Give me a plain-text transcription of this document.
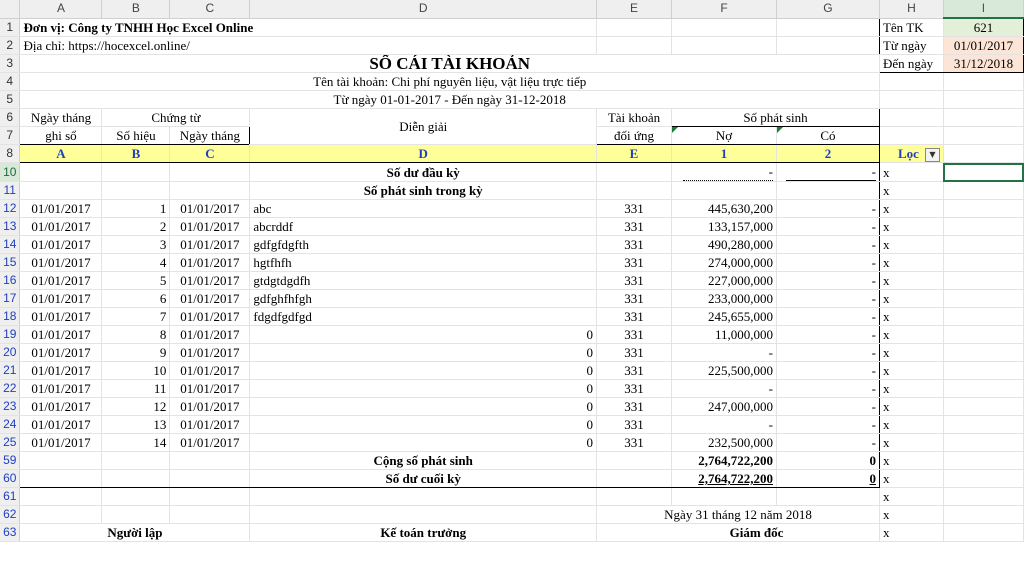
	A	B	C	D	E	F	G	H	I
1	Đơn vị: Công ty TNHH Học Excel Online							Tên TK	621
2	Địa chỉ: https://hocexcel.online/							Từ ngày	01/01/2017
3	SỔ CÁI TÀI KHOẢN							Đến ngày	31/12/2018
4	Tên tài khoản: Chi phí nguyên liệu, vật liệu trực tiếp								
5	Từ ngày 01-01-2017 - Đến ngày 31-12-2018								
6	Ngày tháng	Chứng từ		Diễn giải	Tài khoản	Số phát sinh			
7	ghi sổ	Số hiệu	Ngày tháng		đối ứng	Nợ	Có		
8	A	B	C	D	E	1	2	Lọc ▼	
10				Số dư đầu kỳ		-	-	x	
11				Số phát sinh trong kỳ				x	
12	01/01/2017	1	01/01/2017	abc	331	445,630,200	-	x	
13	01/01/2017	2	01/01/2017	abcrddf	331	133,157,000	-	x	
14	01/01/2017	3	01/01/2017	gdfgfdgfth	331	490,280,000	-	x	
15	01/01/2017	4	01/01/2017	hgtfhfh	331	274,000,000	-	x	
16	01/01/2017	5	01/01/2017	gtdgtdgdfh	331	227,000,000	-	x	
17	01/01/2017	6	01/01/2017	gdfghfhfgh	331	233,000,000	-	x	
18	01/01/2017	7	01/01/2017	fdgdfgdfgd	331	245,655,000	-	x	
19	01/01/2017	8	01/01/2017	0	331	11,000,000	-	x	
20	01/01/2017	9	01/01/2017	0	331	-	-	x	
21	01/01/2017	10	01/01/2017	0	331	225,500,000	-	x	
22	01/01/2017	11	01/01/2017	0	331	-	-	x	
23	01/01/2017	12	01/01/2017	0	331	247,000,000	-	x	
24	01/01/2017	13	01/01/2017	0	331	-	-	x	
25	01/01/2017	14	01/01/2017	0	331	232,500,000	-	x	
59				Cộng số phát sinh		2,764,722,200	0	x	
60				Số dư cuối kỳ		2,764,722,200	0	x	
61								x	
62					Ngày 31 tháng 12 năm 2018			x	
63	Người lập			Kế toán trưởng	Giám đốc			x	
